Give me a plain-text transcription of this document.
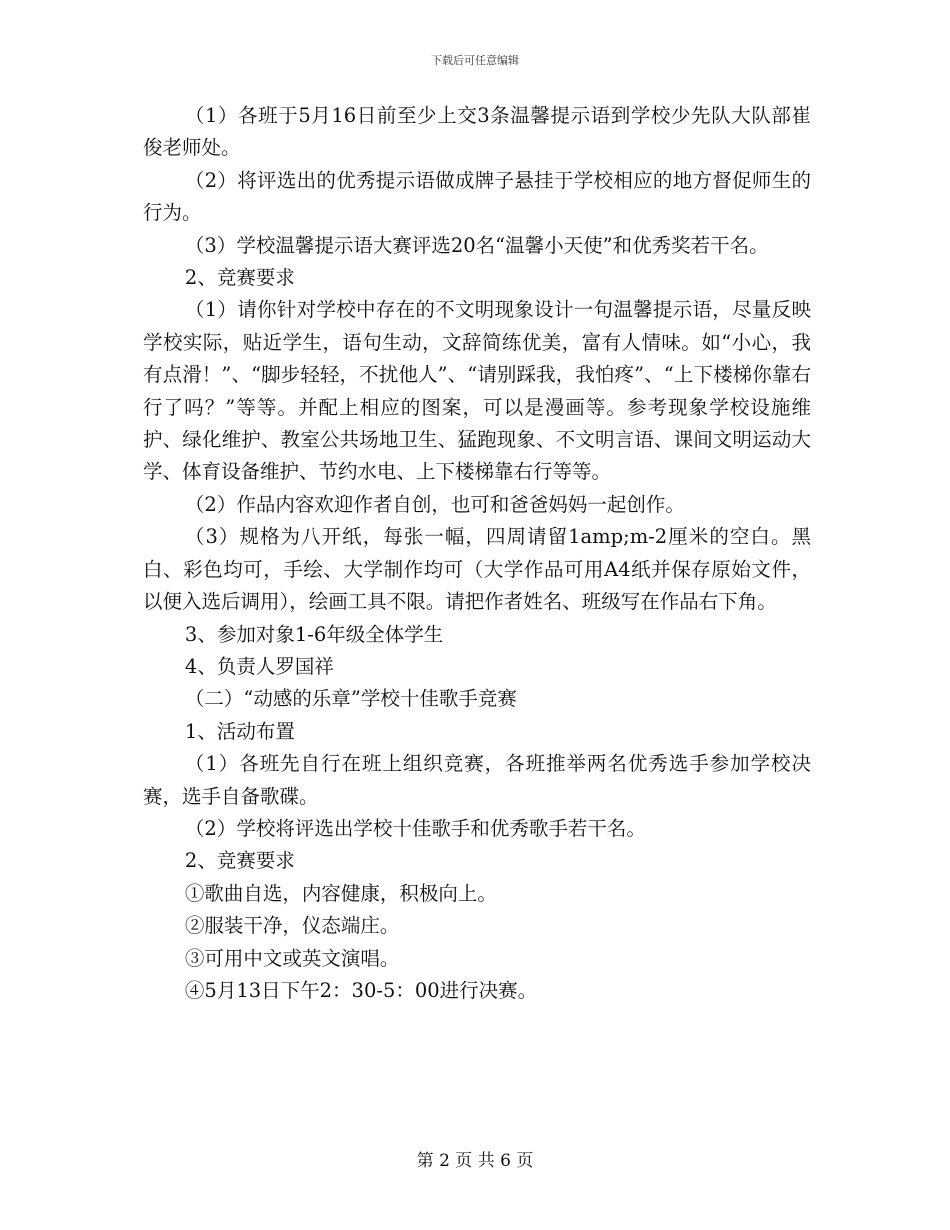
下载后可任意编辑

（1）各班于5月16日前至少上交3条温馨提示语到学校少先队大队部崔俊老师处。

（2）将评选出的优秀提示语做成牌子悬挂于学校相应的地方督促师生的行为。

（3）学校温馨提示语大赛评选20名“温馨小天使”和优秀奖若干名。

2、竞赛要求

（1）请你针对学校中存在的不文明现象设计一句温馨提示语，尽量反映学校实际，贴近学生，语句生动，文辞简练优美，富有人情味。如“小心，我有点滑！”、“脚步轻轻，不扰他人”、“请别踩我，我怕疼”、“上下楼梯你靠右行了吗？”等等。并配上相应的图案，可以是漫画等。参考现象学校设施维护、绿化维护、教室公共场地卫生、猛跑现象、不文明言语、课间文明运动大学、体育设备维护、节约水电、上下楼梯靠右行等等。

（2）作品内容欢迎作者自创，也可和爸爸妈妈一起创作。

（3）规格为八开纸，每张一幅，四周请留1amp;m-2厘米的空白。黑白、彩色均可，手绘、大学制作均可（大学作品可用A4纸并保存原始文件，以便入选后调用），绘画工具不限。请把作者姓名、班级写在作品右下角。

3、参加对象1-6年级全体学生

4、负责人罗国祥

（二）“动感的乐章”学校十佳歌手竞赛

1、活动布置

（1）各班先自行在班上组织竞赛，各班推举两名优秀选手参加学校决赛，选手自备歌碟。

（2）学校将评选出学校十佳歌手和优秀歌手若干名。

2、竞赛要求

①歌曲自选，内容健康，积极向上。

②服装干净，仪态端庄。

③可用中文或英文演唱。

④5月13日下午2：30-5：00进行决赛。

第 2 页 共 6 页
